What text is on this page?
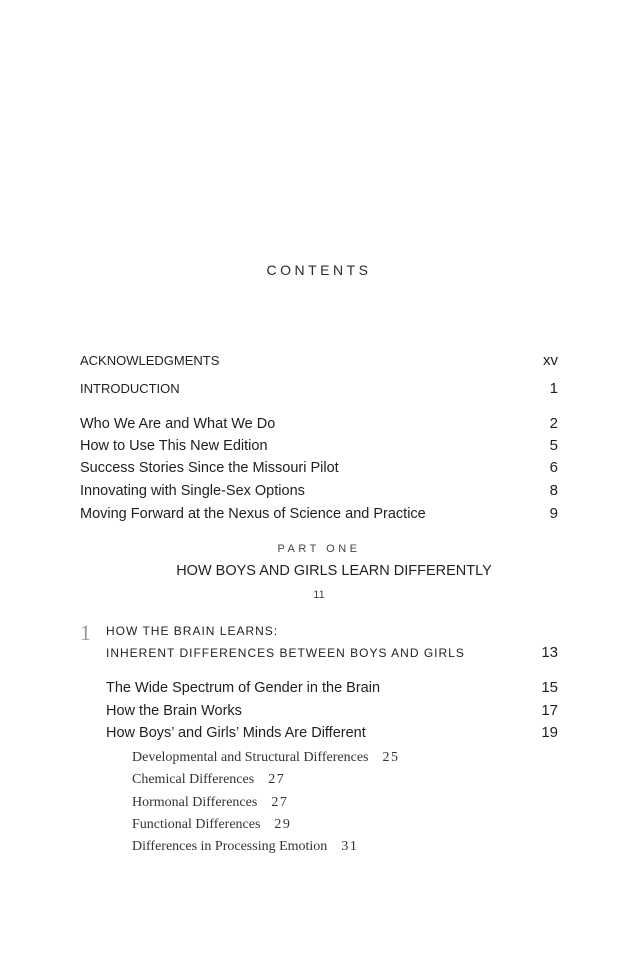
CONTENTS
ACKNOWLEDGMENTS	xv
INTRODUCTION	1
Who We Are and What We Do	2
How to Use This New Edition	5
Success Stories Since the Missouri Pilot	6
Innovating with Single-Sex Options	8
Moving Forward at the Nexus of Science and Practice	9
PART ONE
HOW BOYS AND GIRLS LEARN DIFFERENTLY
11
1 HOW THE BRAIN LEARNS:
INHERENT DIFFERENCES BETWEEN BOYS AND GIRLS	13
The Wide Spectrum of Gender in the Brain	15
How the Brain Works	17
How Boys’ and Girls’ Minds Are Different	19
Developmental and Structural Differences 25
Chemical Differences 27
Hormonal Differences 27
Functional Differences 29
Differences in Processing Emotion 31
